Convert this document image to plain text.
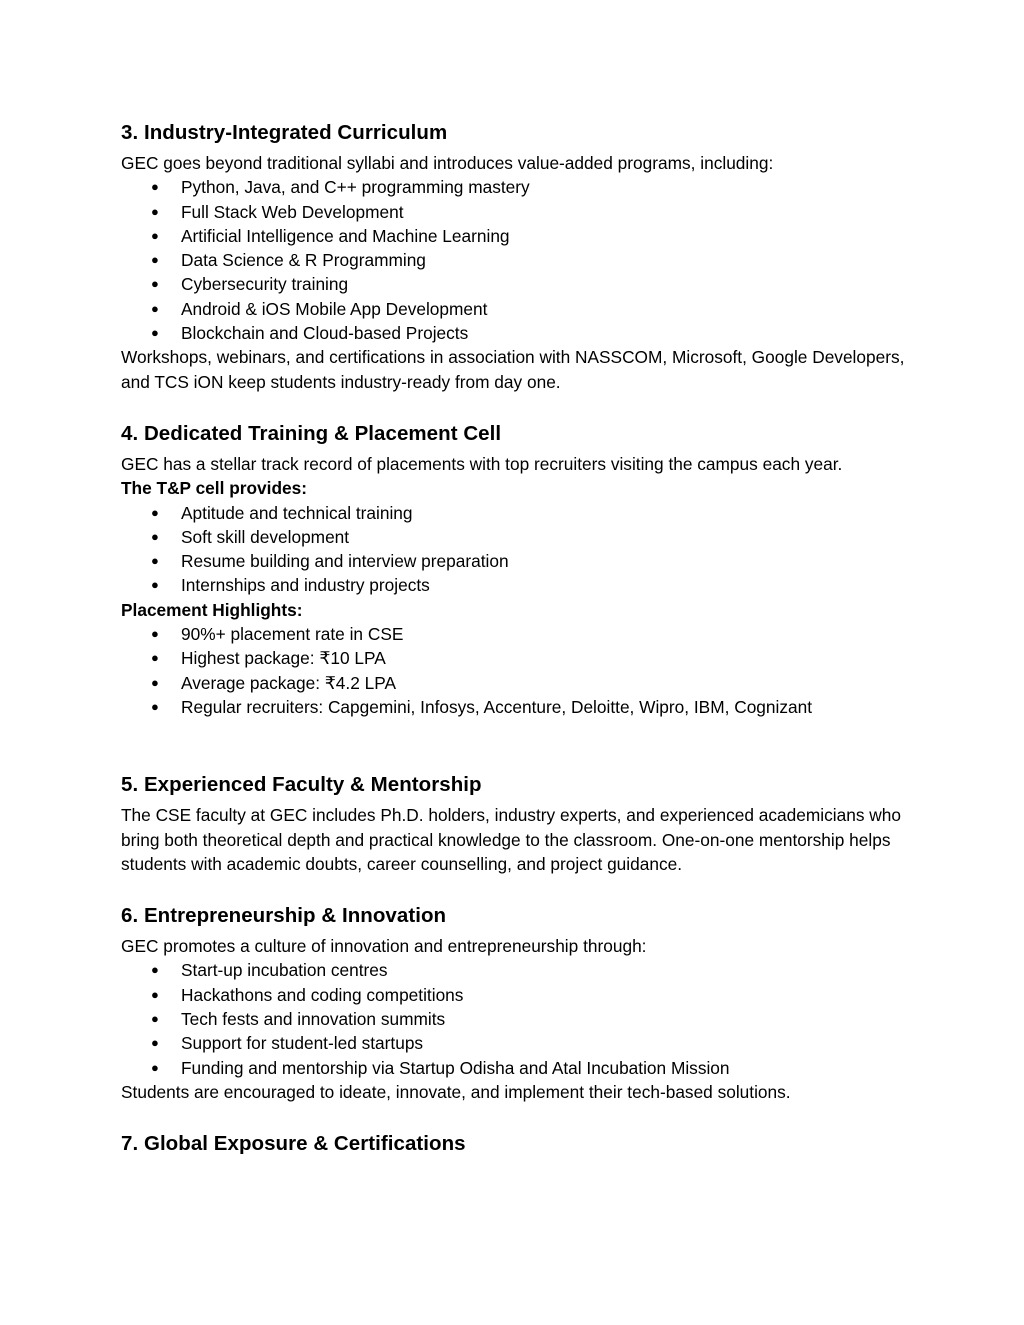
3. Industry-Integrated Curriculum

GEC goes beyond traditional syllabi and introduces value-added programs, including:

● Python, Java, and C++ programming mastery
● Full Stack Web Development
● Artificial Intelligence and Machine Learning
● Data Science & R Programming
● Cybersecurity training
● Android & iOS Mobile App Development
● Blockchain and Cloud-based Projects

Workshops, webinars, and certifications in association with NASSCOM, Microsoft, Google Developers, and TCS iON keep students industry-ready from day one.

4. Dedicated Training & Placement Cell

GEC has a stellar track record of placements with top recruiters visiting the campus each year.

The T&P cell provides:

● Aptitude and technical training
● Soft skill development
● Resume building and interview preparation
● Internships and industry projects

Placement Highlights:

● 90%+ placement rate in CSE
● Highest package: ₹10 LPA
● Average package: ₹4.2 LPA
● Regular recruiters: Capgemini, Infosys, Accenture, Deloitte, Wipro, IBM, Cognizant
5. Experienced Faculty & Mentorship

The CSE faculty at GEC includes Ph.D. holders, industry experts, and experienced academicians who bring both theoretical depth and practical knowledge to the classroom. One-on-one mentorship helps students with academic doubts, career counselling, and project guidance.

6. Entrepreneurship & Innovation

GEC promotes a culture of innovation and entrepreneurship through:

● Start-up incubation centres
● Hackathons and coding competitions
● Tech fests and innovation summits
● Support for student-led startups
● Funding and mentorship via Startup Odisha and Atal Incubation Mission

Students are encouraged to ideate, innovate, and implement their tech-based solutions.

7. Global Exposure & Certifications
